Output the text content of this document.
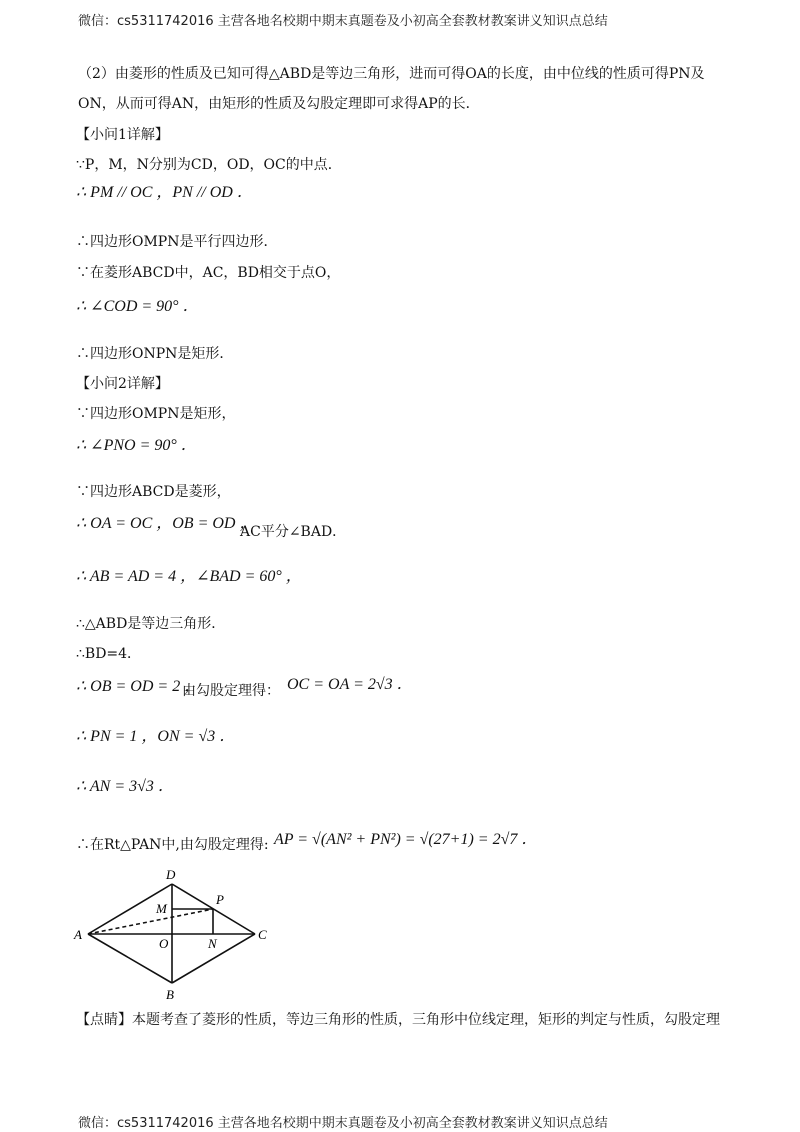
微信：cs5311742016 主营各地名校期中期末真题卷及小初高全套教材教案讲义知识点总结
（2）由菱形的性质及已知可得△ABD是等边三角形，进而可得OA的长度，由中位线的性质可得PN及
ON，从而可得AN，由矩形的性质及勾股定理即可求得AP的长．
【小问1详解】
∵P，M，N分别为CD，OD，OC的中点．
∴ PM // OC ，PN // OD ．
∴四边形OMPN是平行四边形．
∵在菱形ABCD中，AC，BD相交于点O，
∴ ∠COD = 90° ．
∴四边形ONPN是矩形．
【小问2详解】
∵四边形OMPN是矩形，
∴ ∠PNO = 90° ．
∵四边形ABCD是菱形，
∴ OA = OC ，OB = OD ，
AC平分∠BAD．
∴ AB = AD = 4 ，∠BAD = 60° ，
∴△ABD是等边三角形．
∴BD=4．
∴ OB = OD = 2 ，
由勾股定理得： OC = OA = 2√3 ．
∴ PN = 1 ，ON = √3 ．
∴ AN = 3√3 ．
∴在Rt△PAN中,由勾股定理得: AP = √(AN² + PN²) = √(27+1) = 2√7 ．
D
P
M
A	C
O	N
B
【点睛】本题考查了菱形的性质，等边三角形的性质，三角形中位线定理，矩形的判定与性质，勾股定理
微信：cs5311742016 主营各地名校期中期末真题卷及小初高全套教材教案讲义知识点总结
